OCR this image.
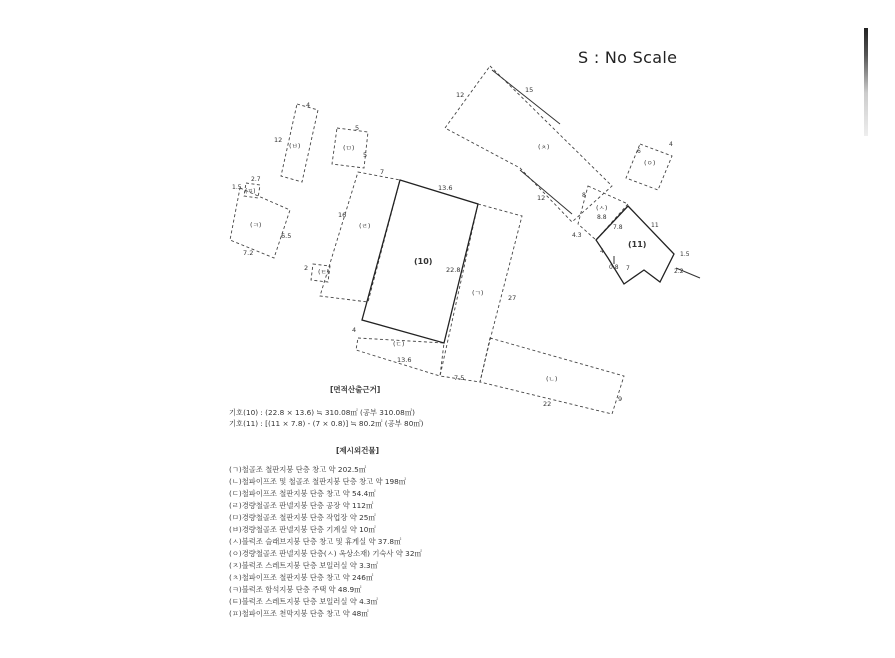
S : No Scale
(10)
(11)
(ㄱ)
(ㄴ)
(ㄷ)
(ㄹ)
(ㅁ)
(ㅂ)
(ㅅ)
(ㅇ)
(ㅊ)
(ㅋ)
(ㅌ)
(ㅍ)	13.6
22.8
4
13.6
27
7.5
22
9
7
16
2
5
5
4
12
2.7
1.5
6.5
7.2
15
12
12	8
4.3
8.8
7.8	11
4
0.8 7
1.5
2.2
6
4
[면적산출근거]
기호(10) : (22.8 × 13.6) ≒ 310.08㎡ (공부 310.08㎡)
기호(11) : [(11 × 7.8) - (7 × 0.8)] ≒ 80.2㎡ (공부 80㎡)
[제시외건물]
(ㄱ)철골조 철판지붕 단층 창고 약 202.5㎡
(ㄴ)철파이프조 및 철골조 철판지붕 단층 창고 약 198㎡
(ㄷ)철파이프조 철판지붕 단층 창고 약 54.4㎡
(ㄹ)경량철골조 판넬지붕 단층 공장 약 112㎡
(ㅁ)경량철골조 철판지붕 단층 작업장 약 25㎡
(ㅂ)경량철골조 판넬지붕 단층 기계실 약 10㎡
(ㅅ)블럭조 슬래브지붕 단층 창고 및 휴게실 약 37.8㎡
(ㅇ)경량철골조 판넬지붕 단층(ㅅ) 옥상소재) 기숙사 약 32㎡
(ㅈ)블럭조 스레트지붕 단층 보일러실 약 3.3㎡
(ㅊ)철파이프조 철판지붕 단층 창고 약 246㎡
(ㅋ)블럭조 함석지붕 단층 주택 약 48.9㎡
(ㅌ)블럭조 스레트지붕 단층 보일러실 약 4.3㎡
(ㅍ)철파이프조 천막지붕 단층 창고 약 48㎡
